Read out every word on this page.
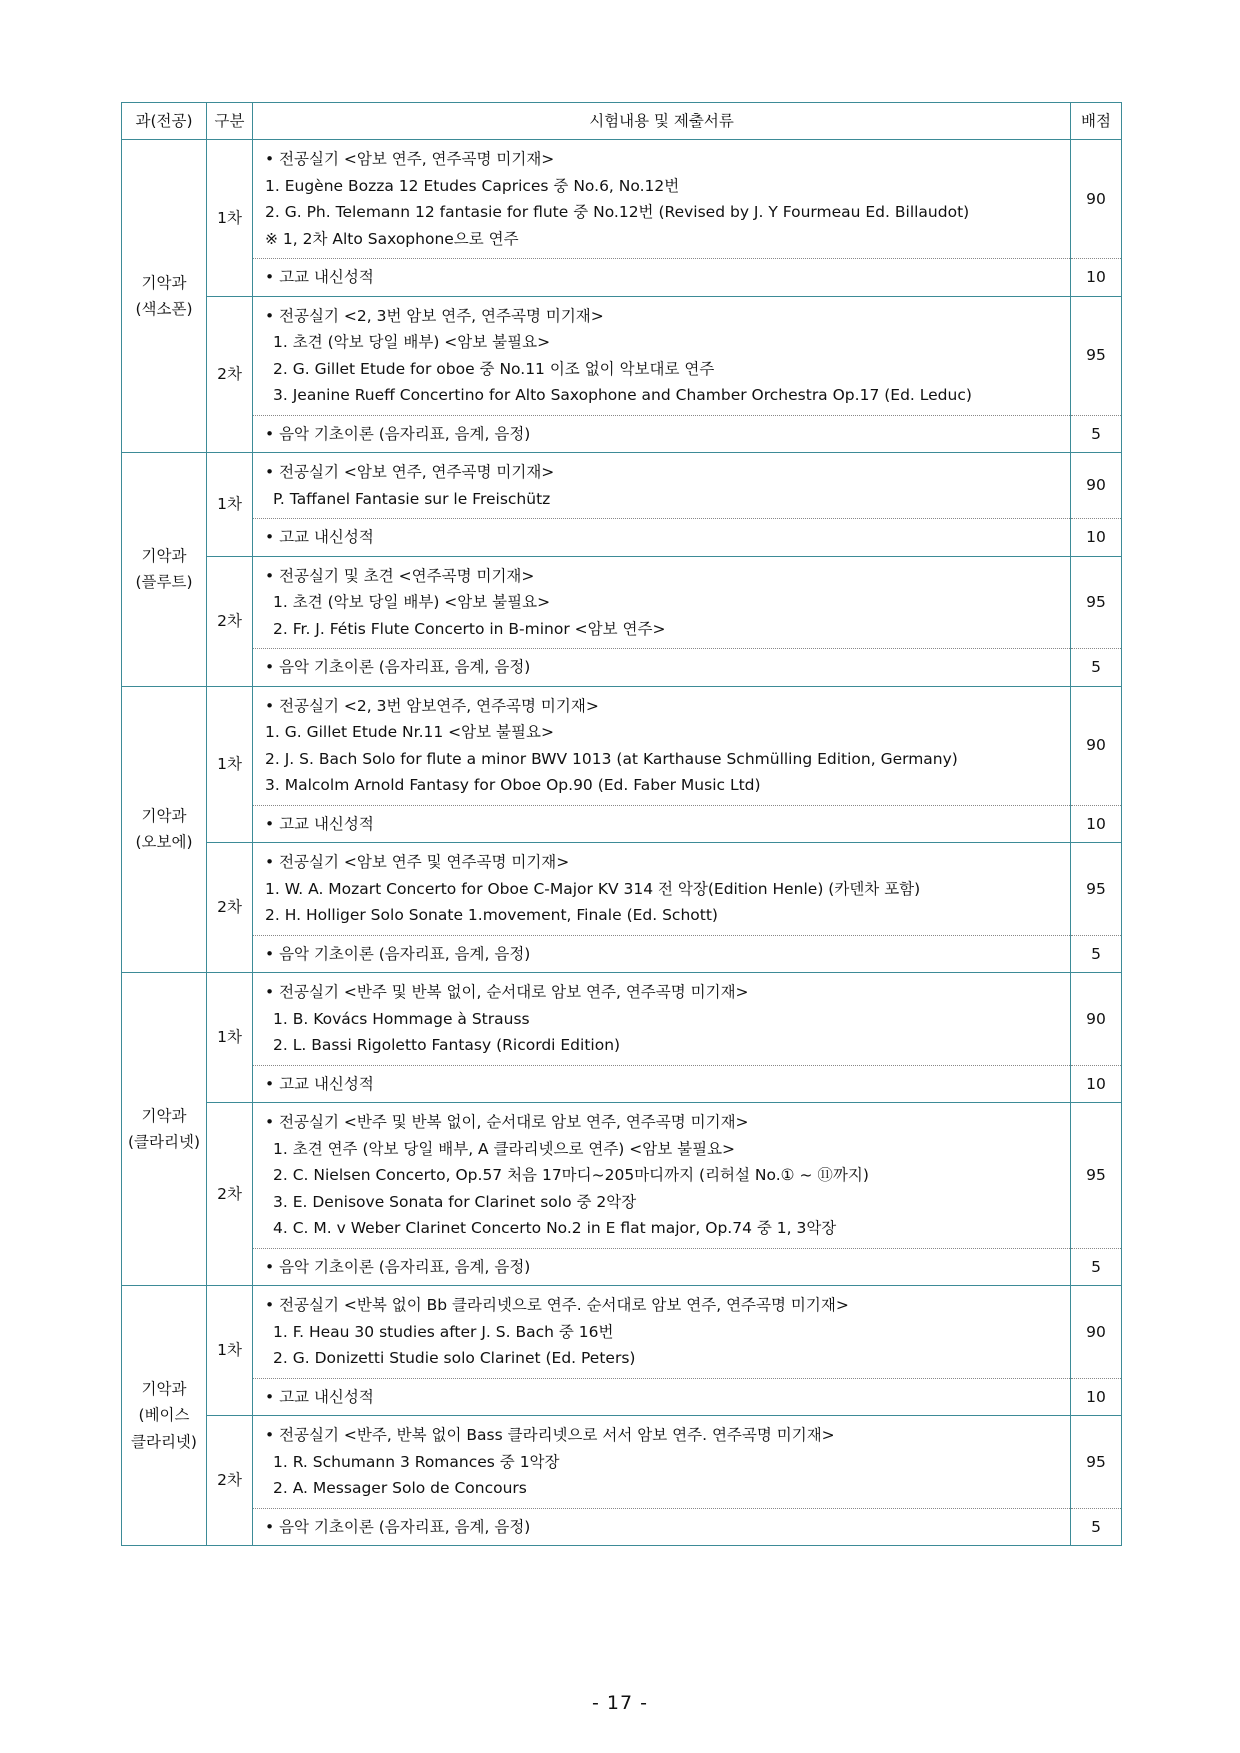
과(전공)	구분	시험내용 및 제출서류	배점

기악과
(색소폰)	1차	• 전공실기 <암보 연주, 연주곡명 미기재>
1. Eugène Bozza 12 Etudes Caprices 중 No.6, No.12번
2. G. Ph. Telemann 12 fantasie for flute 중 No.12번 (Revised by J. Y Fourmeau Ed. Billaudot)
※ 1, 2차 Alto Saxophone으로 연주	90
		• 고교 내신성적	10
	2차	• 전공실기 <2, 3번 암보 연주, 연주곡명 미기재>
1. 초견 (악보 당일 배부) <암보 불필요>
2. G. Gillet Etude for oboe 중 No.11 이조 없이 악보대로 연주
3. Jeanine Rueff Concertino for Alto Saxophone and Chamber Orchestra Op.17 (Ed. Leduc)	95
		• 음악 기초이론 (음자리표, 음계, 음정)	5

기악과
(플루트)	1차	• 전공실기 <암보 연주, 연주곡명 미기재>
P. Taffanel Fantasie sur le Freischütz	90
		• 고교 내신성적	10
	2차	• 전공실기 및 초견 <연주곡명 미기재>
1. 초견 (악보 당일 배부) <암보 불필요>
2. Fr. J. Fétis Flute Concerto in B-minor <암보 연주>	95
		• 음악 기초이론 (음자리표, 음계, 음정)	5

기악과
(오보에)	1차	• 전공실기 <2, 3번 암보연주, 연주곡명 미기재>
1. G. Gillet Etude Nr.11 <암보 불필요>
2. J. S. Bach Solo for flute a minor BWV 1013 (at Karthause Schmülling Edition, Germany)
3. Malcolm Arnold Fantasy for Oboe Op.90 (Ed. Faber Music Ltd)	90
		• 고교 내신성적	10
	2차	• 전공실기 <암보 연주 및 연주곡명 미기재>
1. W. A. Mozart Concerto for Oboe C-Major KV 314 전 악장(Edition Henle) (카덴차 포함)
2. H. Holliger Solo Sonate 1.movement, Finale (Ed. Schott)	95
		• 음악 기초이론 (음자리표, 음계, 음정)	5

기악과
(클라리넷)	1차	• 전공실기 <반주 및 반복 없이, 순서대로 암보 연주, 연주곡명 미기재>
1. B. Kovács Hommage à Strauss
2. L. Bassi Rigoletto Fantasy (Ricordi Edition)	90
		• 고교 내신성적	10
	2차	• 전공실기 <반주 및 반복 없이, 순서대로 암보 연주, 연주곡명 미기재>
1. 초견 연주 (악보 당일 배부, A 클라리넷으로 연주) <암보 불필요>
2. C. Nielsen Concerto, Op.57 처음 17마디~205마디까지 (리허설 No.① ~ ⑪까지)
3. E. Denisove Sonata for Clarinet solo 중 2악장
4. C. M. v Weber Clarinet Concerto No.2 in E flat major, Op.74 중 1, 3악장	95
		• 음악 기초이론 (음자리표, 음계, 음정)	5

기악과
(베이스
클라리넷)	1차	• 전공실기 <반복 없이 Bb 클라리넷으로 연주. 순서대로 암보 연주, 연주곡명 미기재>
1. F. Heau 30 studies after J. S. Bach 중 16번
2. G. Donizetti Studie solo Clarinet (Ed. Peters)	90
		• 고교 내신성적	10
	2차	• 전공실기 <반주, 반복 없이 Bass 클라리넷으로 서서 암보 연주. 연주곡명 미기재>
1. R. Schumann 3 Romances 중 1악장
2. A. Messager Solo de Concours	95
		• 음악 기초이론 (음자리표, 음계, 음정)	5
- 17 -
